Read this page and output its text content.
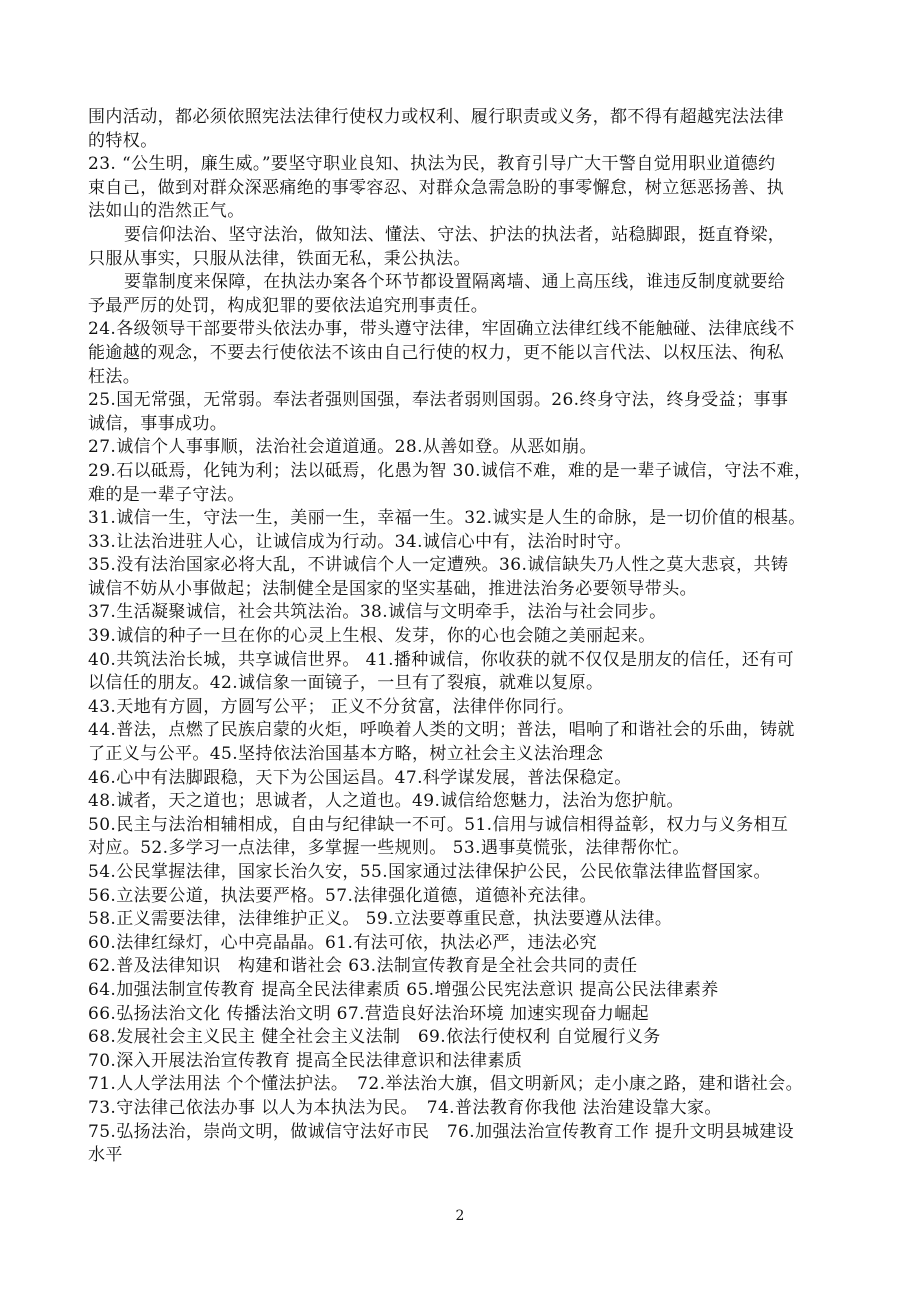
围内活动，都必须依照宪法法律行使权力或权利、履行职责或义务，都不得有超越宪法法律
的特权。
23. “公生明，廉生威。”要坚守职业良知、执法为民，教育引导广大干警自觉用职业道德约
束自己，做到对群众深恶痛绝的事零容忍、对群众急需急盼的事零懈怠，树立惩恶扬善、执
法如山的浩然正气。
要信仰法治、坚守法治，做知法、懂法、守法、护法的执法者，站稳脚跟，挺直脊梁，
只服从事实，只服从法律，铁面无私，秉公执法。
要靠制度来保障，在执法办案各个环节都设置隔离墙、通上高压线，谁违反制度就要给
予最严厉的处罚，构成犯罪的要依法追究刑事责任。
24.各级领导干部要带头依法办事，带头遵守法律，牢固确立法律红线不能触碰、法律底线不
能逾越的观念，不要去行使依法不该由自己行使的权力，更不能以言代法、以权压法、徇私
枉法。
25.国无常强，无常弱。奉法者强则国强，奉法者弱则国弱。26.终身守法，终身受益；事事
诚信，事事成功。
27.诚信个人事事顺，法治社会道道通。28.从善如登。从恶如崩。
29.石以砥焉，化钝为利；法以砥焉，化愚为智 30.诚信不难，难的是一辈子诚信，守法不难，
难的是一辈子守法。
31.诚信一生，守法一生，美丽一生，幸福一生。32.诚实是人生的命脉，是一切价值的根基。
33.让法治进驻人心，让诚信成为行动。34.诚信心中有，法治时时守。
35.没有法治国家必将大乱，不讲诚信个人一定遭殃。36.诚信缺失乃人性之莫大悲哀，共铸
诚信不妨从小事做起；法制健全是国家的坚实基础，推进法治务必要领导带头。
37.生活凝聚诚信，社会共筑法治。38.诚信与文明牵手，法治与社会同步。
39.诚信的种子一旦在你的心灵上生根、发芽，你的心也会随之美丽起来。
40.共筑法治长城，共享诚信世界。 41.播种诚信，你收获的就不仅仅是朋友的信任，还有可
以信任的朋友。42.诚信象一面镜子，一旦有了裂痕，就难以复原。
43.天地有方圆，方圆写公平； 正义不分贫富，法律伴你同行。
44.普法，点燃了民族启蒙的火炬，呼唤着人类的文明；普法，唱响了和谐社会的乐曲，铸就
了正义与公平。45.坚持依法治国基本方略，树立社会主义法治理念
46.心中有法脚跟稳，天下为公国运昌。47.科学谋发展，普法保稳定。
48.诚者，天之道也；思诚者，人之道也。49.诚信给您魅力，法治为您护航。
50.民主与法治相辅相成，自由与纪律缺一不可。51.信用与诚信相得益彰，权力与义务相互
对应。52.多学习一点法律，多掌握一些规则。 53.遇事莫慌张，法律帮你忙。
54.公民掌握法律，国家长治久安，55.国家通过法律保护公民，公民依靠法律监督国家。
56.立法要公道，执法要严格。57.法律强化道德，道德补充法律。
58.正义需要法律，法律维护正义。 59.立法要尊重民意，执法要遵从法律。
60.法律红绿灯，心中亮晶晶。61.有法可依，执法必严，违法必究
62.普及法律知识　构建和谐社会 63.法制宣传教育是全社会共同的责任
64.加强法制宣传教育 提高全民法律素质 65.增强公民宪法意识 提高公民法律素养
66.弘扬法治文化 传播法治文明 67.营造良好法治环境 加速实现奋力崛起
68.发展社会主义民主 健全社会主义法制　69.依法行使权利 自觉履行义务
70.深入开展法治宣传教育 提高全民法律意识和法律素质
71.人人学法用法 个个懂法护法。　72.举法治大旗，倡文明新风；走小康之路，建和谐社会。
73.守法律己依法办事 以人为本执法为民。　74.普法教育你我他 法治建设靠大家。
75.弘扬法治，崇尚文明，做诚信守法好市民　76.加强法治宣传教育工作 提升文明县城建设
水平
2
